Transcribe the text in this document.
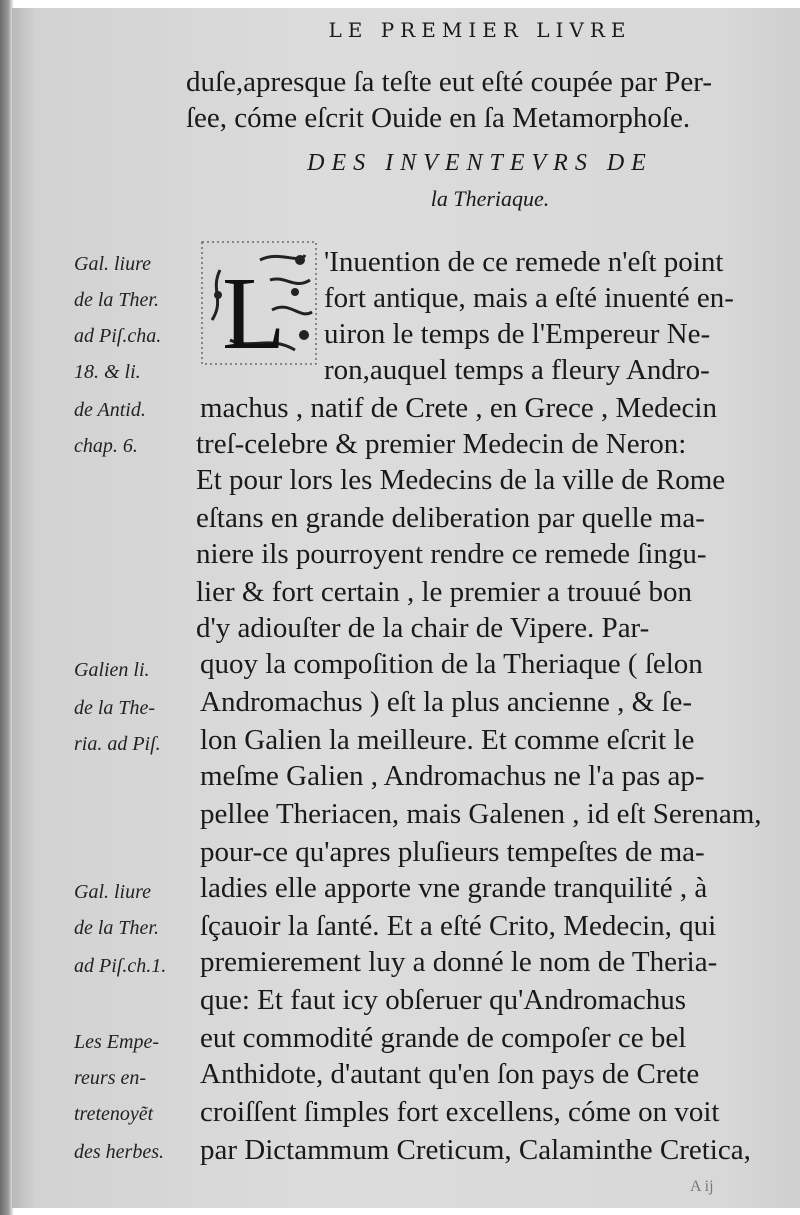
LE PREMIER LIVRE
duſe,apresque ſa teſte eut eſté coupée par Per-
ſee, cóme eſcrit Ouide en ſa Metamorphoſe.
DES INVENTEVRS DE
la Theriaque.
L 'Inuention de ce remede n'eſt point
fort antique, mais a eſté inuenté en-
uiron le temps de l'Empereur Ne-
ron,auquel temps a fleury Andro-
machus , natif de Crete , en Grece , Medecin
treſ-celebre & premier Medecin de Neron:
Et pour lors les Medecins de la ville de Rome
eſtans en grande deliberation par quelle ma-
niere ils pourroyent rendre ce remede ſingu-
lier & fort certain , le premier a trouué bon
d'y adiouſter de la chair de Vipere. Par-
quoy la compoſition de la Theriaque ( ſelon
Andromachus ) eſt la plus ancienne , & ſe-
lon Galien la meilleure. Et comme eſcrit le
meſme Galien , Andromachus ne l'a pas ap-
pellee Theriacen, mais Galenen , id eſt Serenam,
pour-ce qu'apres pluſieurs tempeſtes de ma-
ladies elle apporte vne grande tranquilité , à
ſçauoir la ſanté. Et a eſté Crito, Medecin, qui
premierement luy a donné le nom de Theria-
que: Et faut icy obſeruer qu'Andromachus
eut commodité grande de compoſer ce bel
Anthidote, d'autant qu'en ſon pays de Crete
croiſſent ſimples fort excellens, cóme on voit
par Dictammum Creticum, Calaminthe Cretica,
Gal. liure
de la Ther.
ad Piſ.cha.
18. & li.
de Antid.
chap. 6.
Galien li.
de la The-
ria. ad Piſ.
Gal. liure
de la Ther.
ad Piſ.ch.1.
Les Empe-
reurs en-
tretenoyẽt
des herbes.
A ij
